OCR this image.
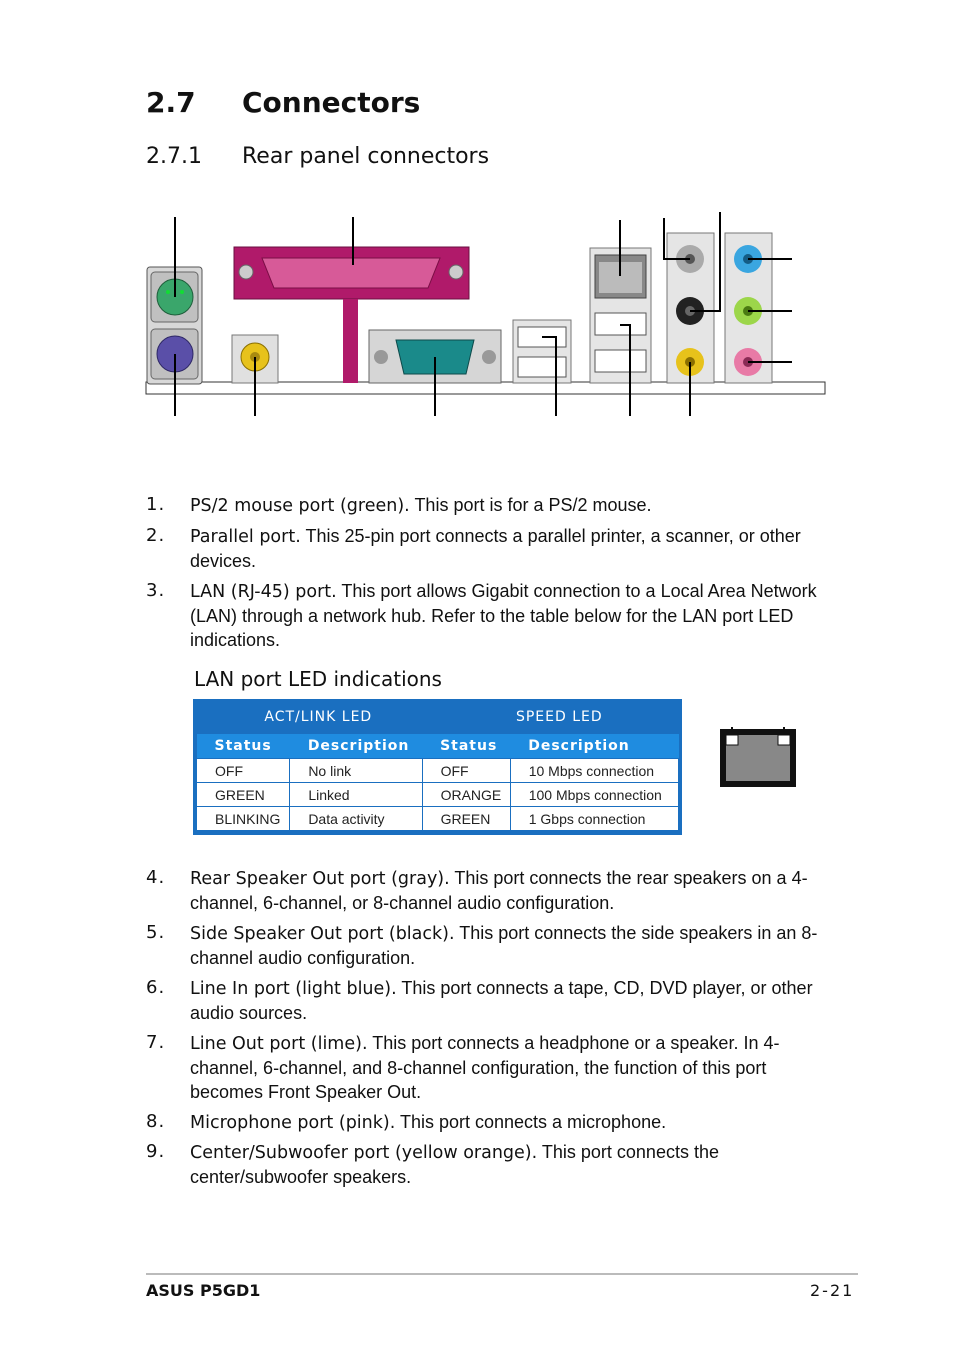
2.7 Connectors
2.7.1 Rear panel connectors
1. PS/2 mouse port (green). This port is for a PS/2 mouse.
2. Parallel port. This 25-pin port connects a parallel printer, a scanner, or other devices.
3. LAN (RJ-45) port. This port allows Gigabit connection to a Local Area Network (LAN) through a network hub. Refer to the table below for the LAN port LED indications.
LAN port LED indications
ACT/LINK LED		SPEED LED	
Status	Description	Status	Description
OFF	No link	OFF	10 Mbps connection
GREEN	Linked	ORANGE	100 Mbps connection
BLINKING	Data activity	GREEN	1 Gbps connection
4. Rear Speaker Out port (gray). This port connects the rear speakers on a 4-channel, 6-channel, or 8-channel audio configuration.
5. Side Speaker Out port (black). This port connects the side speakers in an 8-channel audio configuration.
6. Line In port (light blue). This port connects a tape, CD, DVD player, or other audio sources.
7. Line Out port (lime). This port connects a headphone or a speaker. In 4-channel, 6-channel, and 8-channel configuration, the function of this port becomes Front Speaker Out.
8. Microphone port (pink). This port connects a microphone.
9. Center/Subwoofer port (yellow orange). This port connects the center/subwoofer speakers.
ASUS P5GD1	2-21
